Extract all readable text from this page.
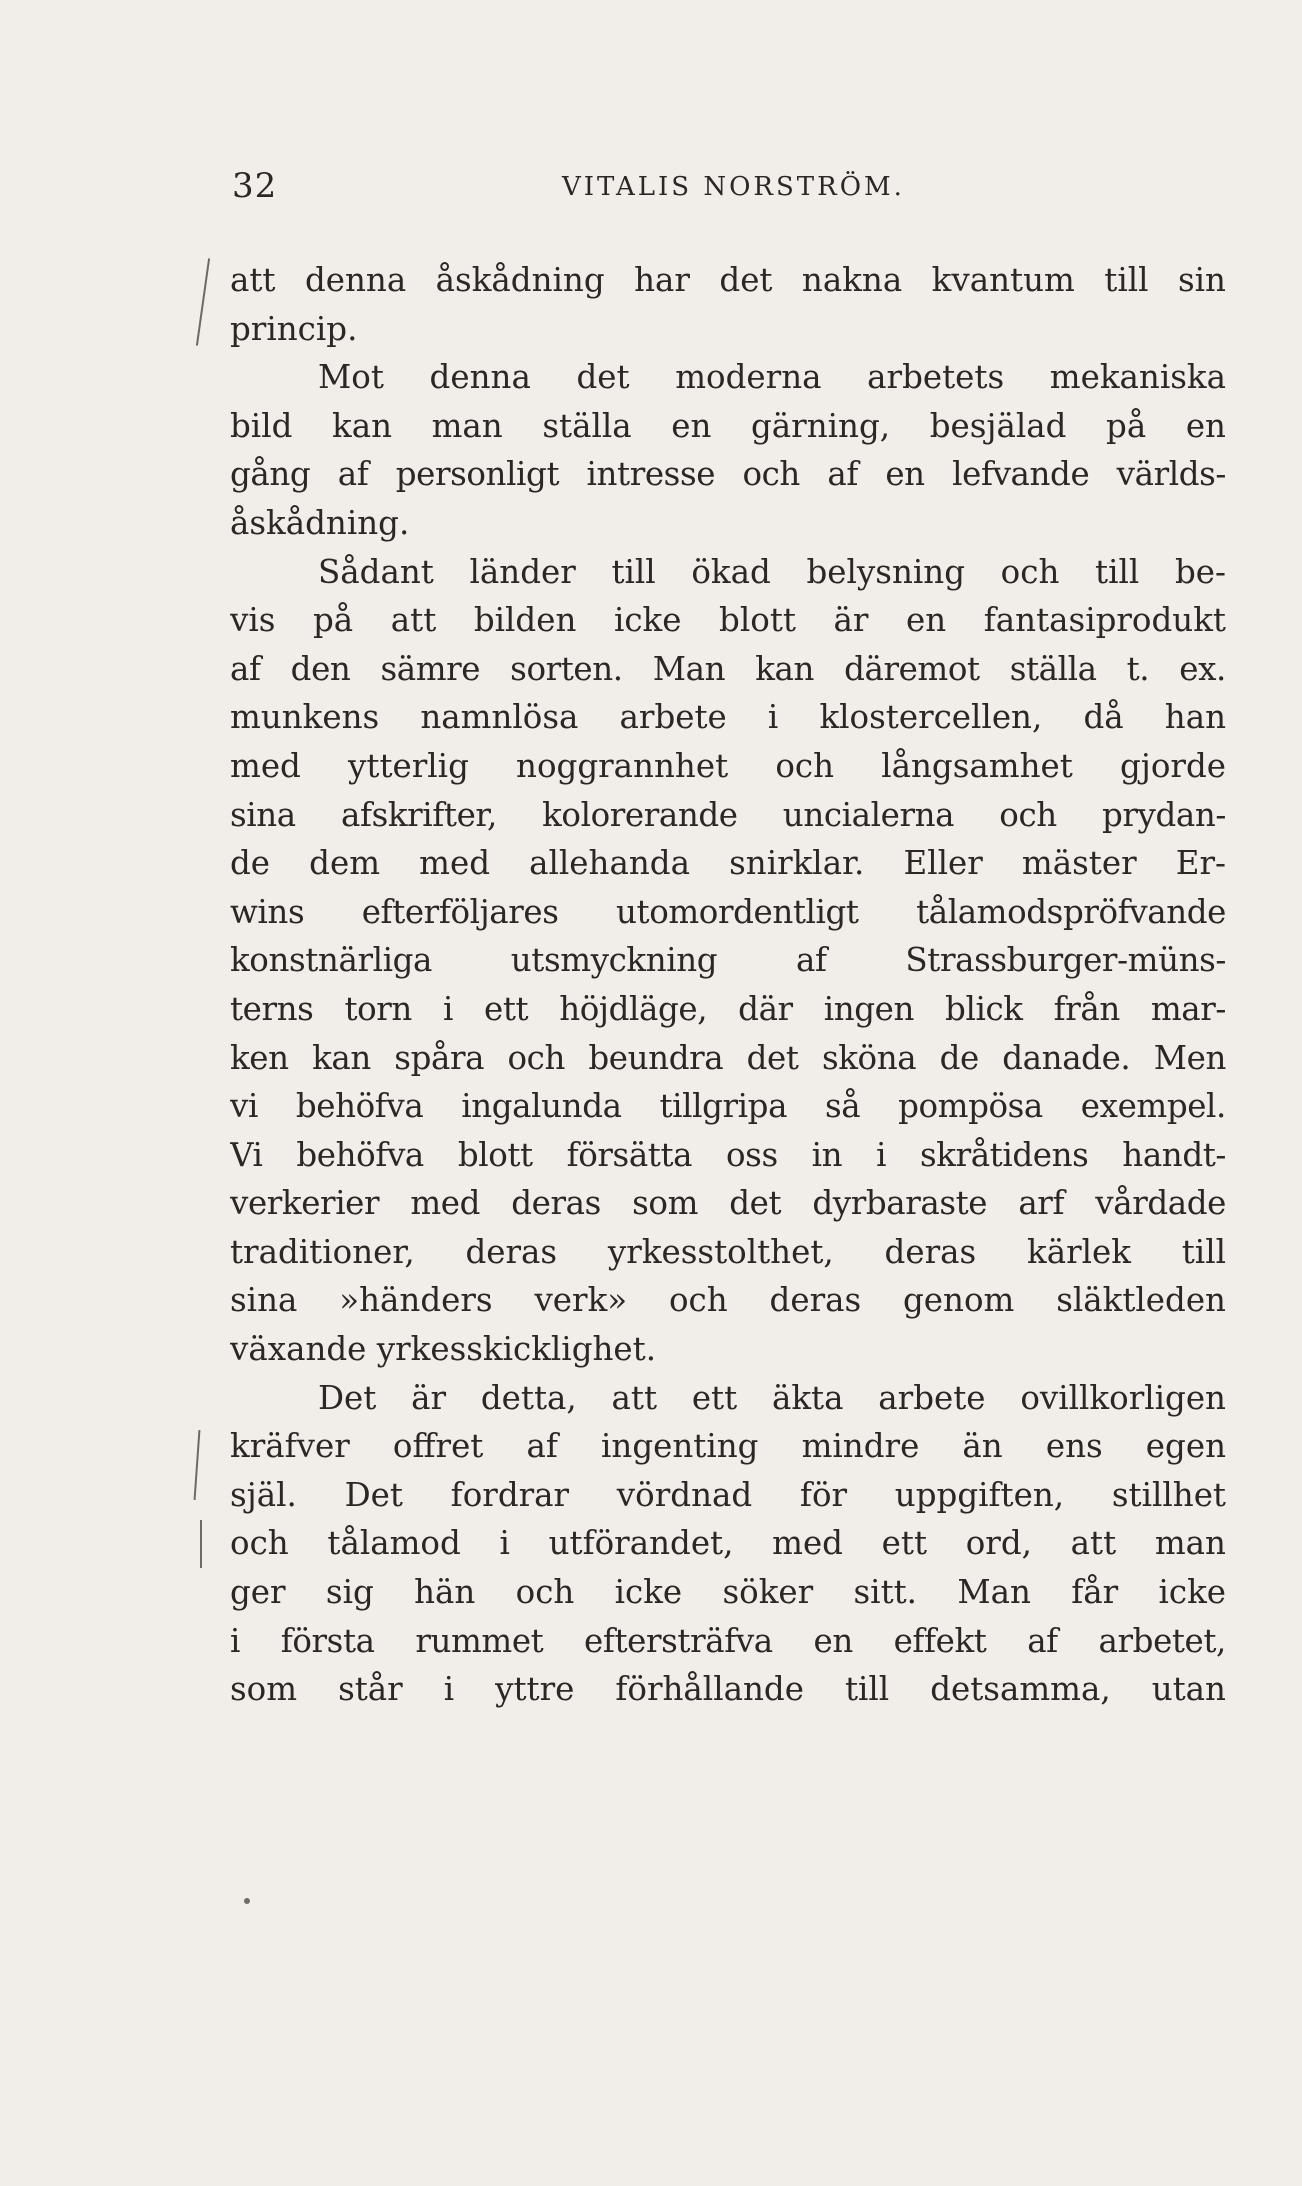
32	VITALIS NORSTRÖM.
att denna åskådning har det nakna kvantum till sin
princip.
Mot denna det moderna arbetets mekaniska
bild kan man ställa en gärning, besjälad på en
gång af personligt intresse och af en lefvande världs-
åskådning.
Sådant länder till ökad belysning och till be-
vis på att bilden icke blott är en fantasiprodukt
af den sämre sorten. Man kan däremot ställa t. ex.
munkens namnlösa arbete i klostercellen, då han
med ytterlig noggrannhet och långsamhet gjorde
sina afskrifter, kolorerande uncialerna och prydan-
de dem med allehanda snirklar. Eller mäster Er-
wins efterföljares utomordentligt tålamodspröfvande
konstnärliga utsmyckning af Strassburger-müns-
terns torn i ett höjdläge, där ingen blick från mar-
ken kan spåra och beundra det sköna de danade. Men
vi behöfva ingalunda tillgripa så pompösa exempel.
Vi behöfva blott försätta oss in i skråtidens handt-
verkerier med deras som det dyrbaraste arf vårdade
traditioner, deras yrkesstolthet, deras kärlek till
sina »händers verk» och deras genom släktleden
växande yrkesskicklighet.
Det är detta, att ett äkta arbete ovillkorligen
kräfver offret af ingenting mindre än ens egen
själ. Det fordrar vördnad för uppgiften, stillhet
och tålamod i utförandet, med ett ord, att man
ger sig hän och icke söker sitt. Man får icke
i första rummet eftersträfva en effekt af arbetet,
som står i yttre förhållande till detsamma, utan
